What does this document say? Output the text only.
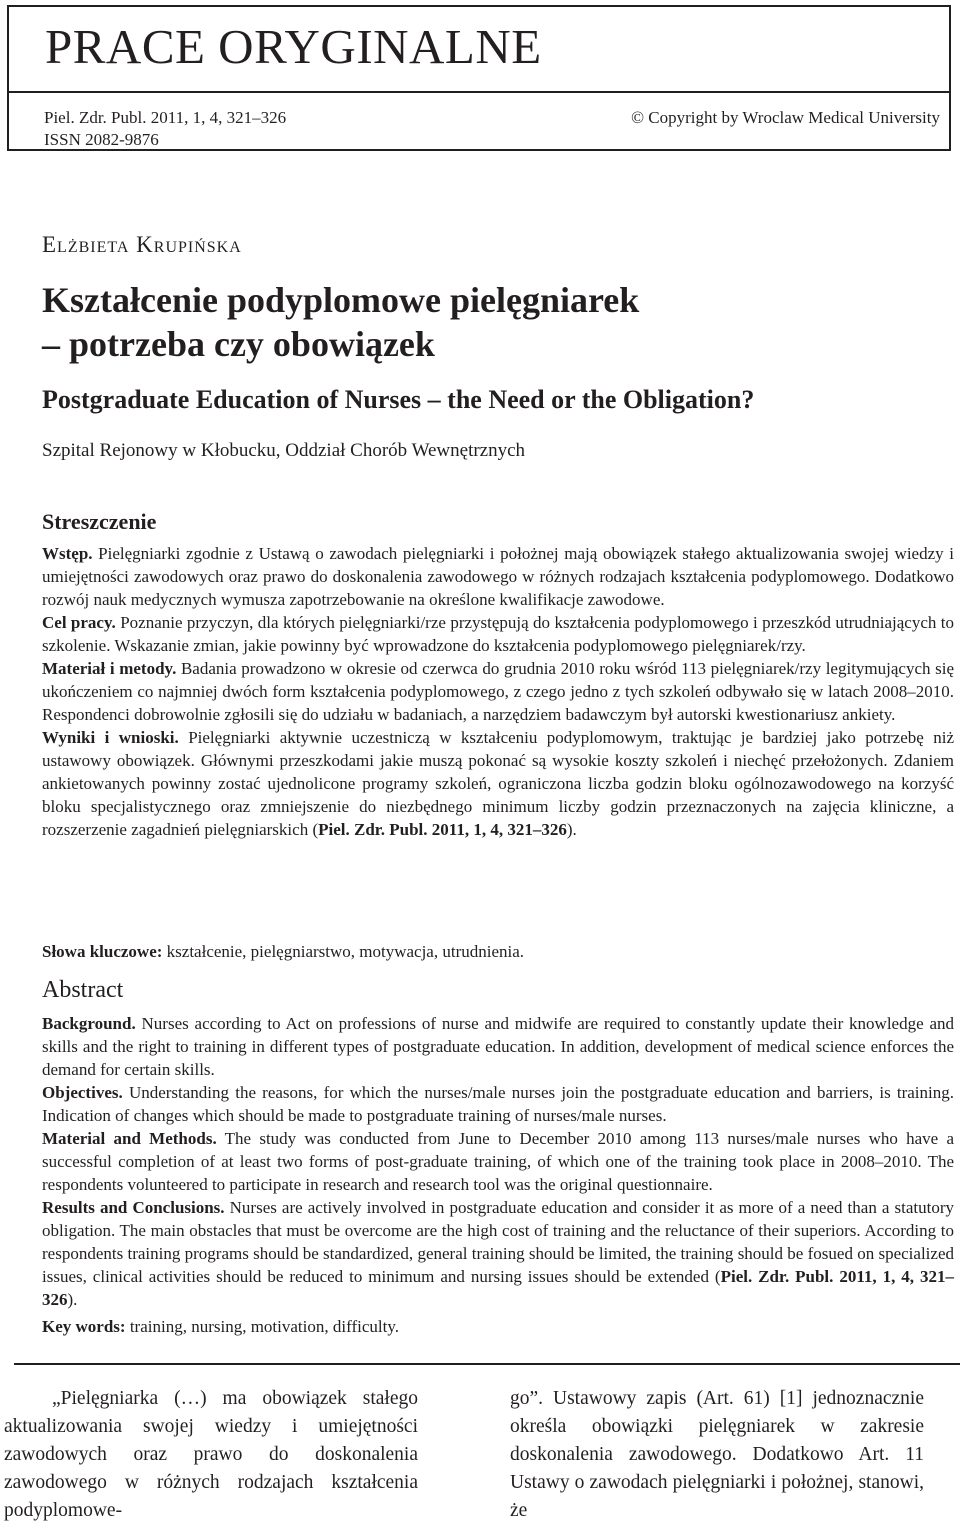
PRACE ORYGINALNE
Piel. Zdr. Publ. 2011, 1, 4, 321–326
ISSN 2082-9876
© Copyright by Wroclaw Medical University
Elżbieta Krupińska
Kształcenie podyplomowe pielęgniarek
– potrzeba czy obowiązek
Postgraduate Education of Nurses – the Need or the Obligation?
Szpital Rejonowy w Kłobucku, Oddział Chorób Wewnętrznych
Streszczenie

Wstęp. Pielęgniarki zgodnie z Ustawą o zawodach pielęgniarki i położnej mają obowiązek stałego aktualizowania swojej wiedzy i umiejętności zawodowych oraz prawo do doskonalenia zawodowego w różnych rodzajach kształcenia podyplomowego. Dodatkowo rozwój nauk medycznych wymusza zapotrzebowanie na określone kwalifikacje zawodowe.

Cel pracy. Poznanie przyczyn, dla których pielęgniarki/rze przystępują do kształcenia podyplomowego i przeszkód utrudniających to szkolenie. Wskazanie zmian, jakie powinny być wprowadzone do kształcenia podyplomowego pielęgniarek/rzy.

Materiał i metody. Badania prowadzono w okresie od czerwca do grudnia 2010 roku wśród 113 pielęgniarek/rzy legitymujących się ukończeniem co najmniej dwóch form kształcenia podyplomowego, z czego jedno z tych szkoleń odbywało się w latach 2008–2010. Respondenci dobrowolnie zgłosili się do udziału w badaniach, a narzędziem badawczym był autorski kwestionariusz ankiety.

Wyniki i wnioski. Pielęgniarki aktywnie uczestniczą w kształceniu podyplomowym, traktując je bardziej jako potrzebę niż ustawowy obowiązek. Głównymi przeszkodami jakie muszą pokonać są wysokie koszty szkoleń i niechęć przełożonych. Zdaniem ankietowanych powinny zostać ujednolicone programy szkoleń, ograniczona liczba godzin bloku ogólnozawodowego na korzyść bloku specjalistycznego oraz zmniejszenie do niezbędnego minimum liczby godzin przeznaczonych na zajęcia kliniczne, a rozszerzenie zagadnień pielęgniarskich (Piel. Zdr. Publ. 2011, 1, 4, 321–326).

Słowa kluczowe: kształcenie, pielęgniarstwo, motywacja, utrudnienia.

Abstract

Background. Nurses according to Act on professions of nurse and midwife are required to constantly update their knowledge and skills and the right to training in different types of postgraduate education. In addition, development of medical science enforces the demand for certain skills.

Objectives. Understanding the reasons, for which the nurses/male nurses join the postgraduate education and barriers, is training. Indication of changes which should be made to postgraduate training of nurses/male nurses.

Material and Methods. The study was conducted from June to December 2010 among 113 nurses/male nurses who have a successful completion of at least two forms of post-graduate training, of which one of the training took place in 2008–2010. The respondents volunteered to participate in research and research tool was the original questionnaire.

Results and Conclusions. Nurses are actively involved in postgraduate education and consider it as more of a need than a statutory obligation. The main obstacles that must be overcome are the high cost of training and the reluctance of their superiors. According to respondents training programs should be standardized, general training should be limited, the training should be fosued on specialized issues, clinical activities should be reduced to minimum and nursing issues should be extended (Piel. Zdr. Publ. 2011, 1, 4, 321–326).

Key words: training, nursing, motivation, difficulty.

„Pielęgniarka (…) ma obowiązek stałego aktualizowania swojej wiedzy i umiejętności zawodowych oraz prawo do doskonalenia zawodowego w różnych rodzajach kształcenia podyplomowe-

go”. Ustawowy zapis (Art. 61) [1] jednoznacznie określa obowiązki pielęgniarek w zakresie doskonalenia zawodowego. Dodatkowo Art. 11 Ustawy o zawodach pielęgniarki i położnej, stanowi, że
